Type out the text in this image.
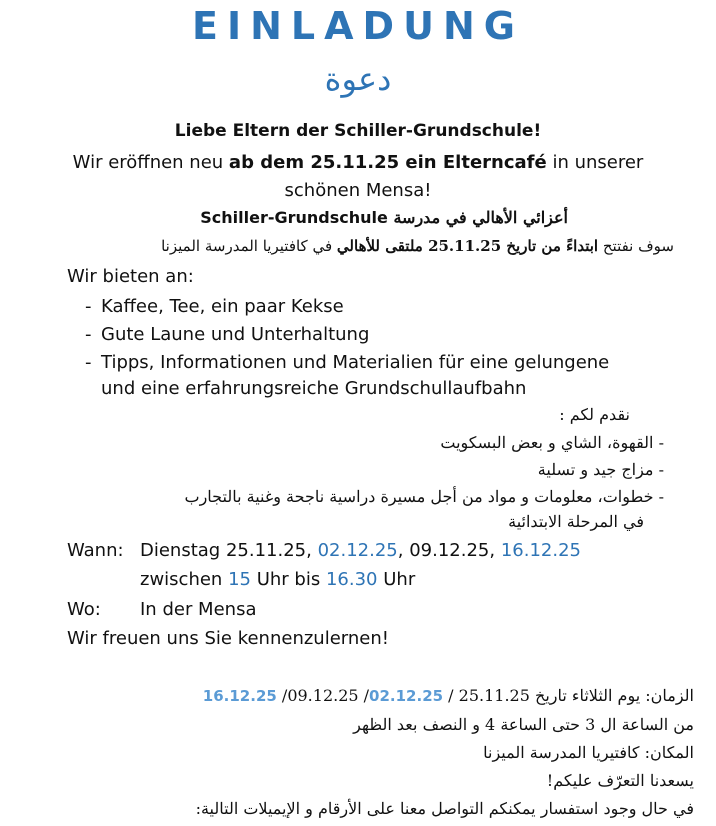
EINLADUNG
دعوة
Liebe Eltern der Schiller-Grundschule!
Wir eröffnen neu ab dem 25.11.25 ein Elterncafé in unserer
schönen Mensa!
أعزائي الأهالي في مدرسة Schiller-Grundschule
سوف نفتتح ابتداءً من تاريخ 25.11.25 ملتقى للأهالي في كافتيريا المدرسة الميزنا
Wir bieten an:
- Kaffee, Tee, ein paar Kekse
- Gute Laune und Unterhaltung
- Tipps, Informationen und Materialien für eine gelungene
und eine erfahrungsreiche Grundschullaufbahn
نقدم لكم :
- القهوة، الشاي و بعض البسكويت
- مزاج جيد و تسلية
- خطوات، معلومات و مواد من أجل مسيرة دراسية ناجحة وغنية بالتجارب
في المرحلة الابتدائية
Wann: Dienstag 25.11.25, 02.12.25, 09.12.25, 16.12.25
zwischen 15 Uhr bis 16.30 Uhr
Wo: In der Mensa
Wir freuen uns Sie kennenzulernen!
الزمان: يوم الثلاثاء تاريخ 25.11.25 / 02.12.25/ 09.12.25/ 16.12.25
من الساعة ال 3 حتى الساعة 4 و النصف بعد الظهر
المكان: كافتيريا المدرسة الميزنا
يسعدنا التعرّف عليكم!
في حال وجود استفسار يمكنكم التواصل معنا على الأرقام و الإيميلات التالية:
